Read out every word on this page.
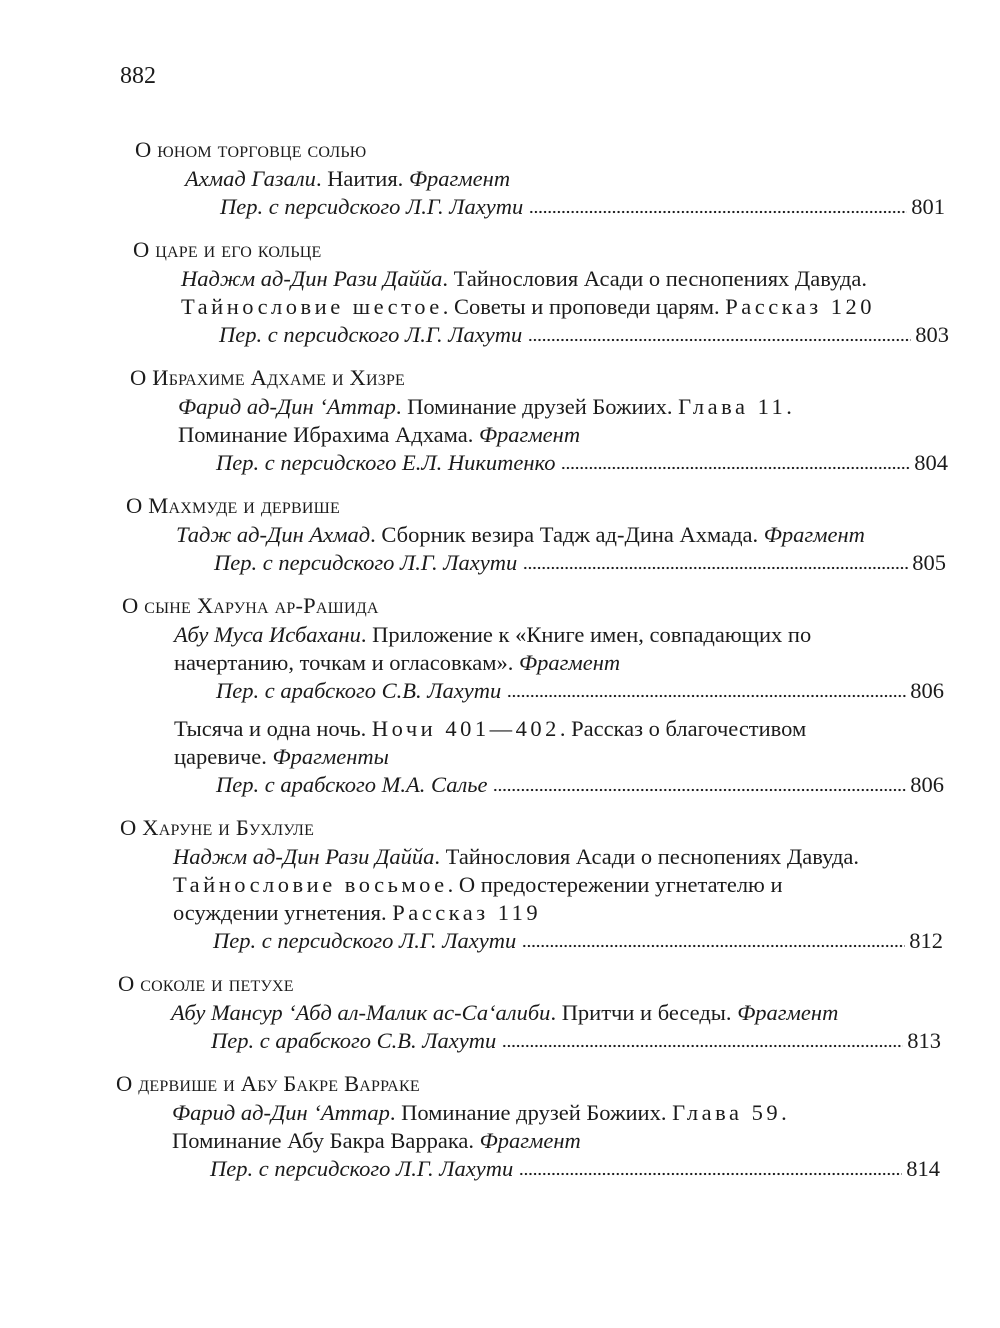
882
О юном торговце солью
Ахмад Газали. Наития. Фрагмент
Пер. с персидского Л.Г. Лахути	801
О царе и его кольце
Наджм ад-Дин Рази Даййа. Тайнословия Асади о песнопениях Давуда. Тайнословие шестое. Советы и проповеди царям. Рассказ 120
Пер. с персидского Л.Г. Лахути	803
О Ибрахиме Адхаме и Хизре
Фарид ад-Дин ‘Аттар. Поминание друзей Божиих. Глава 11. Поминание Ибрахима Адхама. Фрагмент
Пер. с персидского Е.Л. Никитенко	804
О Махмуде и дервише
Тадж ад-Дин Ахмад. Сборник везира Тадж ад-Дина Ахмада. Фрагмент
Пер. с персидского Л.Г. Лахути	805
О сыне Харуна ар-Рашида
Абу Муса Исбахани. Приложение к «Книге имен, совпадающих по начертанию, точкам и огласовкам». Фрагмент
Пер. с арабского С.В. Лахути	806
Тысяча и одна ночь. Ночи 401—402. Рассказ о благочестивом царевиче. Фрагменты
Пер. с арабского М.А. Салье	806
О Харуне и Бухлуле
Наджм ад-Дин Рази Даййа. Тайнословия Асади о песнопениях Давуда. Тайнословие восьмое. О предостережении угнетателю и осуждении угнетения. Рассказ 119
Пер. с персидского Л.Г. Лахути	812
О соколе и петухе
Абу Мансур ‘Абд ал-Малик ас-Са‘алиби. Притчи и беседы. Фрагмент
Пер. с арабского С.В. Лахути	813
О дервише и Абу Бакре Варраке
Фарид ад-Дин ‘Аттар. Поминание друзей Божиих. Глава 59. Поминание Абу Бакра Варрака. Фрагмент
Пер. с персидского Л.Г. Лахути	814
